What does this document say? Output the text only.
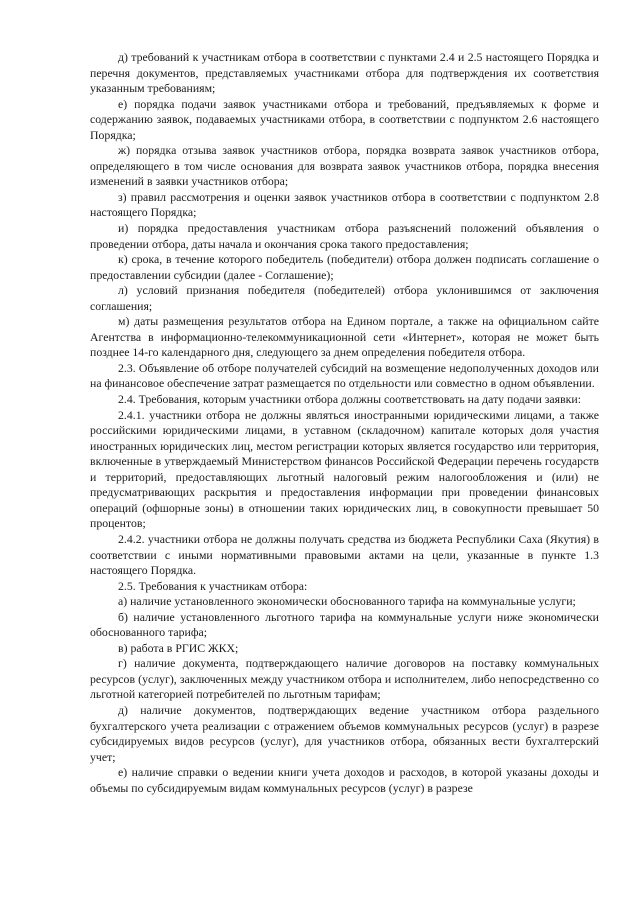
д) требований к участникам отбора в соответствии с пунктами 2.4 и 2.5 настоящего Порядка и перечня документов, представляемых участниками отбора для подтверждения их соответствия указанным требованиям;

е) порядка подачи заявок участниками отбора и требований, предъявляемых к форме и содержанию заявок, подаваемых участниками отбора, в соответствии с подпунктом 2.6 настоящего Порядка;

ж) порядка отзыва заявок участников отбора, порядка возврата заявок участников отбора, определяющего в том числе основания для возврата заявок участников отбора, порядка внесения изменений в заявки участников отбора;

з) правил рассмотрения и оценки заявок участников отбора в соответствии с подпунктом 2.8 настоящего Порядка;

и) порядка предоставления участникам отбора разъяснений положений объявления о проведении отбора, даты начала и окончания срока такого предоставления;

к) срока, в течение которого победитель (победители) отбора должен подписать соглашение о предоставлении субсидии (далее - Соглашение);

л) условий признания победителя (победителей) отбора уклонившимся от заключения соглашения;

м) даты размещения результатов отбора на Едином портале, а также на официальном сайте Агентства в информационно-телекоммуникационной сети «Интернет», которая не может быть позднее 14-го календарного дня, следующего за днем определения победителя отбора.

2.3. Объявление об отборе получателей субсидий на возмещение недополученных доходов или на финансовое обеспечение затрат размещается по отдельности или совместно в одном объявлении.

2.4. Требования, которым участники отбора должны соответствовать на дату подачи заявки:

2.4.1. участники отбора не должны являться иностранными юридическими лицами, а также российскими юридическими лицами, в уставном (складочном) капитале которых доля участия иностранных юридических лиц, местом регистрации которых является государство или территория, включенные в утверждаемый Министерством финансов Российской Федерации перечень государств и территорий, предоставляющих льготный налоговый режим налогообложения и (или) не предусматривающих раскрытия и предоставления информации при проведении финансовых операций (офшорные зоны) в отношении таких юридических лиц, в совокупности превышает 50 процентов;

2.4.2. участники отбора не должны получать средства из бюджета Республики Саха (Якутия) в соответствии с иными нормативными правовыми актами на цели, указанные в пункте 1.3 настоящего Порядка.

2.5. Требования к участникам отбора:

а) наличие установленного экономически обоснованного тарифа на коммунальные услуги;

б) наличие установленного льготного тарифа на коммунальные услуги ниже экономически обоснованного тарифа;

в) работа в РГИС ЖКХ;

г) наличие документа, подтверждающего наличие договоров на поставку коммунальных ресурсов (услуг), заключенных между участником отбора и исполнителем, либо непосредственно со льготной категорией потребителей по льготным тарифам;

д) наличие документов, подтверждающих ведение участником отбора раздельного бухгалтерского учета реализации с отражением объемов коммунальных ресурсов (услуг) в разрезе субсидируемых видов ресурсов (услуг), для участников отбора, обязанных вести бухгалтерский учет;

е) наличие справки о ведении книги учета доходов и расходов, в которой указаны доходы и объемы по субсидируемым видам коммунальных ресурсов (услуг) в разрезе
